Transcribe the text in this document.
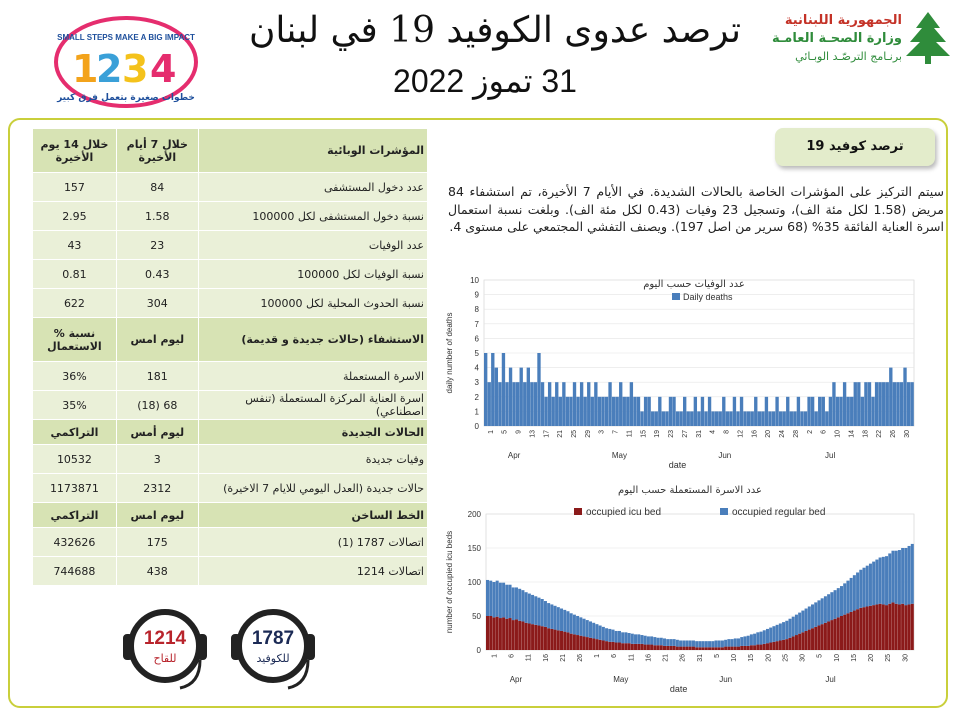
SMALL STEPS MAKE A BIG IMPACT
1
2 3 4
خطوات صغيرة بتعمل فرق كبير
الجمهورية اللبنانية
وزارة الصحـة العامـة
برنـامج الترصّـد الوبـائي
ترصد عدوى الكوفيد 19 في لبنان
31 تموز 2022
خلال 14 يوم الأخيرة	خلال 7 أيام الأخيرة	المؤشرات الوبائية
157	84	عدد دخول المستشفى
2.95	1.58	نسبة دخول المستشفى لكل 100000
43	23	عدد الوفيات
0.81	0.43	نسبة الوفيات لكل 100000
622	304	نسبة الحدوث المحلية لكل 100000
% نسبة الاستعمال	ليوم امس	الاستشفاء (حالات جديدة و قديمة)
36%	181	الاسرة المستعملة
35%	(18) 68	اسرة العناية المركزة المستعملة (تنفس اصطناعي)
التراكمي	ليوم أمس	الحالات الجديدة
10532	3	وفيات جديدة
1173871	2312	حالات جديدة (العدل اليومي للايام 7 الاخيرة)
التراكمي	ليوم امس	الخط الساخن
432626	175	اتصالات 1787 (1)
744688	438	اتصالات 1214
ترصد كوفيد 19
سيتم التركيز على المؤشرات الخاصة بالحالات الشديدة. في الأيام 7 الأخيرة، تم استشفاء 84 مريض (1.58 لكل مئة الف)، وتسجيل 23 وفيات (0.43 لكل مئة الف). وبلغت نسبة استعمال اسرة العناية الفائقة 35% (68 سرير من اصل 197). ويصنف التفشي المجتمعي على مستوى 4.
0
1
2
3
4
5
6
7
8
9
10
1 5 9 13 17 21 25 29 3 7 11 15 19 23 27 31 4 8 12 16 20 24 28 2 6 10 14 18 22 26 30
Apr	May	Jun	Jul
date
daily number of deaths
عدد الوفيات حسب اليوم
Daily deaths
0
50
100
150
200
1 6 11 16 21 26 1 6 11 16 21 26 31 5 10 15 20 25 30 5 10 15 20 25 30
Apr	May	Jun	Jul
date
number of occupied icu beds
عدد الاسرة المستعملة حسب اليوم
occupied icu bed	occupied regular bed
1214
للقاح
1787
للكوفيد
